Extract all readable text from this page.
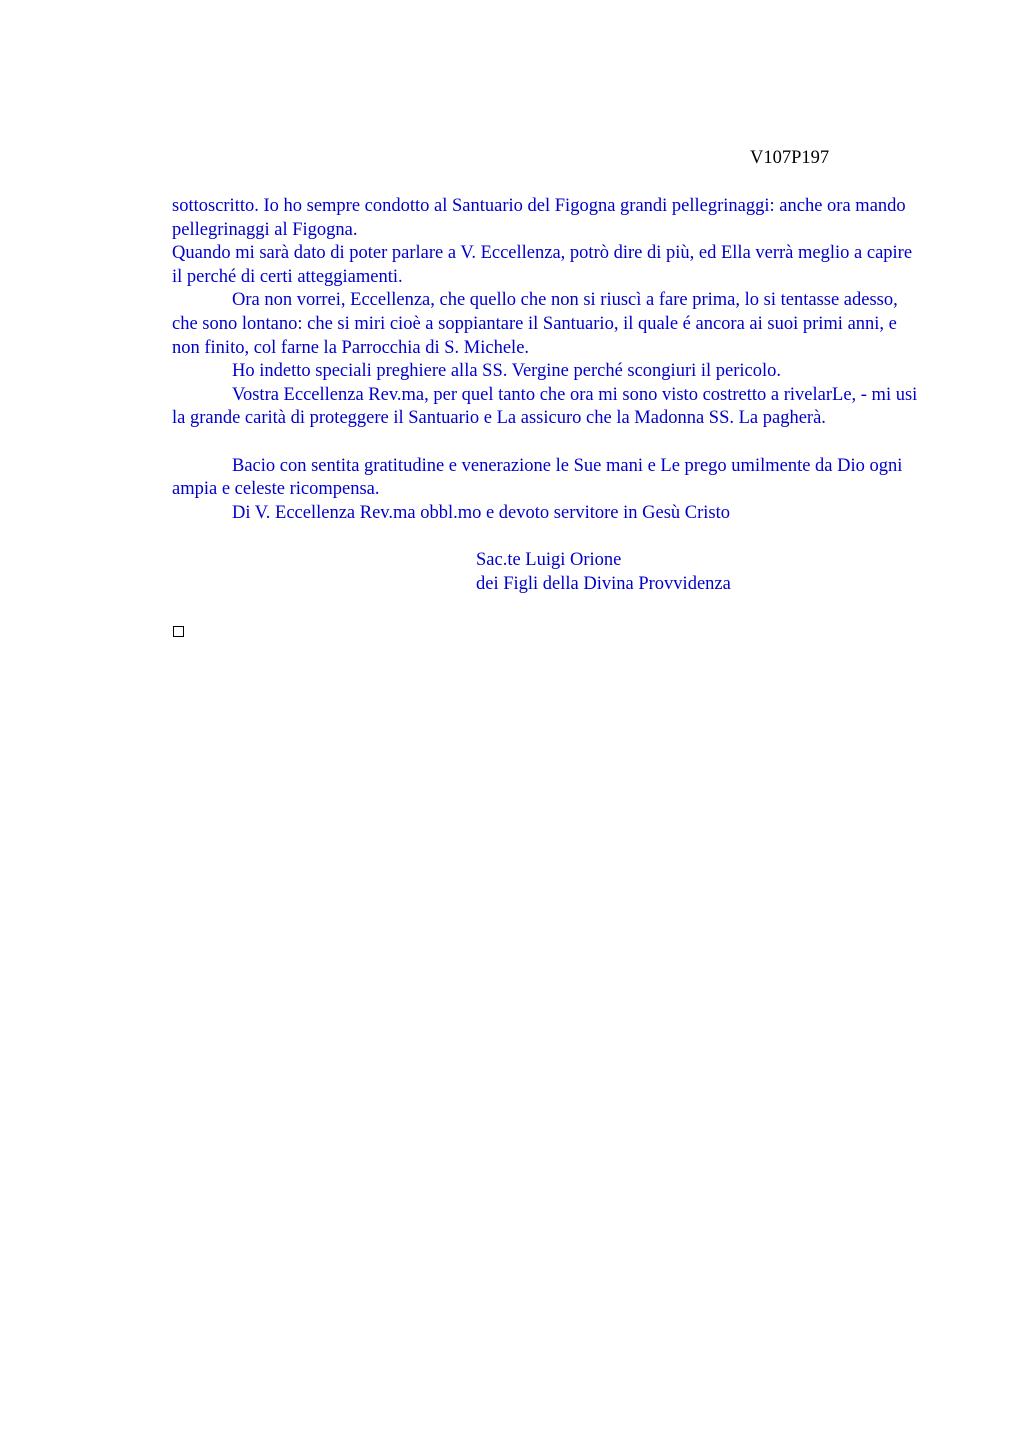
V107P197

sottoscritto. Io ho sempre condotto al Santuario del Figogna grandi pellegrinaggi: anche ora mando pellegrinaggi al Figogna.

Quando mi sarà dato di poter parlare a V. Eccellenza, potrò dire di più, ed Ella verrà meglio a capire il perché di certi atteggiamenti.

Ora non vorrei, Eccellenza, che quello che non si riuscì a fare prima, lo si tentasse adesso, che sono lontano: che si miri cioè a soppiantare il Santuario, il quale é ancora ai suoi primi anni, e non finito, col farne la Parrocchia di S. Michele.

Ho indetto speciali preghiere alla SS. Vergine perché scongiuri il pericolo.

Vostra Eccellenza Rev.ma, per quel tanto che ora mi sono visto costretto a rivelarLe, - mi usi la grande carità di proteggere il Santuario e La assicuro che la Madonna SS. La pagherà.

Bacio con sentita gratitudine e venerazione le Sue mani e Le prego umilmente da Dio ogni ampia e celeste ricompensa.

Di V. Eccellenza Rev.ma obbl.mo e devoto servitore in Gesù Cristo

Sac.te Luigi Orione

dei Figli della Divina Provvidenza
